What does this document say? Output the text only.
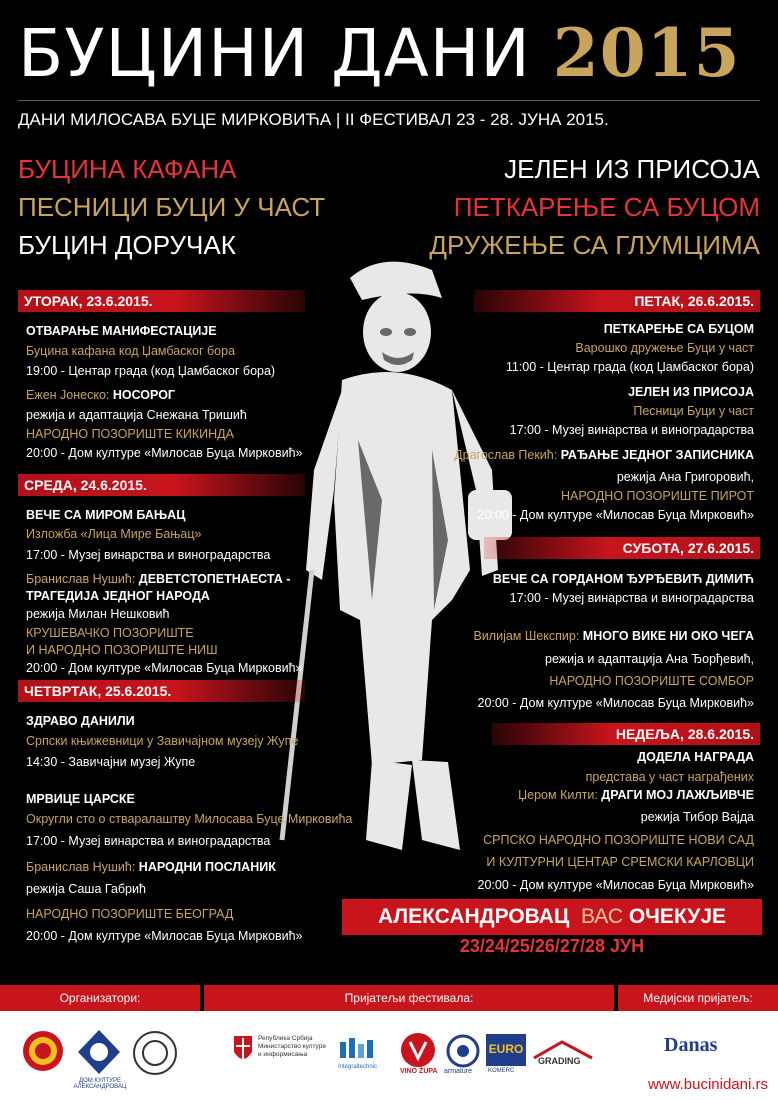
БУЦИНИ ДАНИ 2015
ДАНИ МИЛОСАВА БУЦЕ МИРКОВИЋА | II ФЕСТИВАЛ 23 - 28. ЈУНА 2015.
БУЦИНА КАФАНА
ПЕСНИЦИ БУЦИ У ЧАСТ
БУЦИН ДОРУЧАК
ЈЕЛЕН ИЗ ПРИСОЈА
ПЕТКАРЕЊЕ СА БУЦОМ
ДРУЖЕЊЕ СА ГЛУМЦИМА
УТОРАК, 23.6.2015.
ОТВАРАЊЕ МАНИФЕСТАЦИЈЕ
Буцина кафана код Џамбаског бора
19:00 - Центар града (код Џамбаског бора)
Ежен Јонеско: НОСОРОГ
режија и адаптација Снежана Тришић
НАРОДНО ПОЗОРИШТЕ КИКИНДА
20:00 - Дом културе «Милосав Буца Мирковић»
СРЕДА, 24.6.2015.
ВЕЧЕ СА МИРОМ БАЊАЦ
Изложба «Лица Мире Бањац»
17:00 - Музеј винарства и виноградарства
Бранислав Нушић: ДЕВЕТСТОПЕТНАЕСТА -
ТРАГЕДИЈА ЈЕДНОГ НАРОДА
режија Милан Нешковић
КРУШЕВАЧКО ПОЗОРИШТЕ
И НАРОДНО ПОЗОРИШТЕ НИШ
20:00 - Дом културе «Милосав Буца Мирковић»
ЧЕТВРТАК, 25.6.2015.
ЗДРАВО ДАНИЛИ
Српски књижевници у Завичајном музеју Жупе
14:30 - Завичајни музеј Жупе
МРВИЦЕ ЦАРСКЕ
Округли сто о стваралаштву Милосава Буце Мирковића
17:00 - Музеј винарства и виноградарства
Бранислав Нушић: НАРОДНИ ПОСЛАНИК
режија Саша Габрић
НАРОДНО ПОЗОРИШТЕ БЕОГРАД
20:00 - Дом културе «Милосав Буца Мирковић»
ПЕТАК, 26.6.2015.
ПЕТКАРЕЊЕ СА БУЦОМ
Варошко дружење Буци у част
11:00 - Центар града (код Џамбаског бора)
ЈЕЛЕН ИЗ ПРИСОЈА
Песници Буци у част
17:00 - Музеј винарства и виноградарства
Драгослав Пекић: РАЂАЊЕ ЈЕДНОГ ЗАПИСНИКА
режија Ана Григоровић,
НАРОДНО ПОЗОРИШТЕ ПИРОТ
20:00 - Дом културе «Милосав Буца Мирковић»
СУБОТА, 27.6.2015.
ВЕЧЕ СА ГОРДАНОМ ЂУРЂЕВИЋ ДИМИЋ
17:00 - Музеј винарства и виноградарства
Вилијам Шекспир: МНОГО ВИКЕ НИ ОКО ЧЕГА
режија и адаптација Ана Ђорђевић,
НАРОДНО ПОЗОРИШТЕ СОМБОР
20:00 - Дом културе «Милосав Буца Мирковић»
НЕДЕЉА, 28.6.2015.
ДОДЕЛА НАГРАДА
представа у част награђених
Џером Килти: ДРАГИ МОЈ ЛАЖЉИВЧЕ
режија Тибор Вајда
СРПСКО НАРОДНО ПОЗОРИШТЕ НОВИ САД
И КУЛТУРНИ ЦЕНТАР СРЕМСКИ КАРЛОВЦИ
20:00 - Дом културе «Милосав Буца Мирковић»
АЛЕКСАНДРОВАЦ ВАС ОЧЕКУЈЕ
23/24/25/26/27/28 ЈУН
Организатори:	Пријатељи фестивала:	Медијски пријатељ:
ДОМ КУЛТУРЕ АЛЕКСАНДРОВАЦ
Република Србија
Министарство културе
и информисања
Integraltechnic
VINO ŽUPA armature
EURO
KOMERC
GRADING
Danas
www.bucinidani.rs
